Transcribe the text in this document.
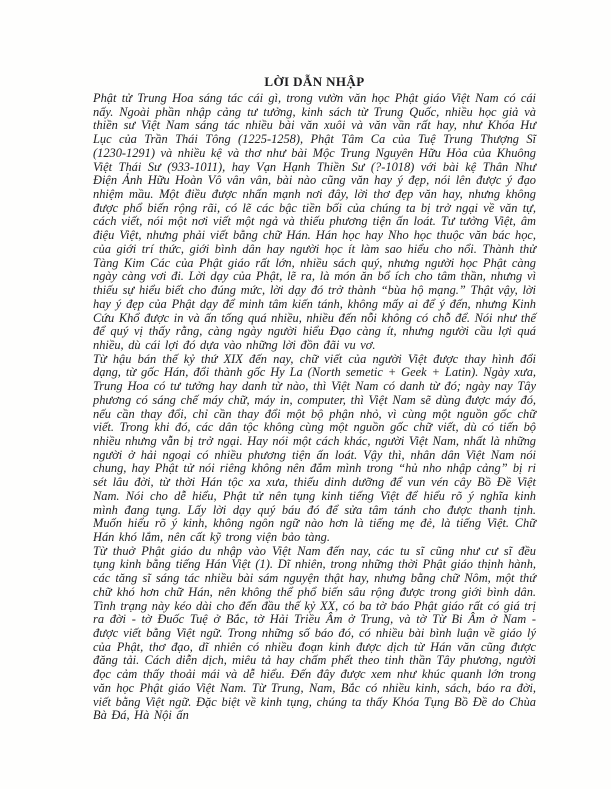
LỜI DẪN NHẬP

Phật tử Trung Hoa sáng tác cái gì, trong vườn văn học Phật giáo Việt Nam có cái nấy. Ngoài phần nhập cảng tư tưởng, kinh sách từ Trung Quốc, nhiều học giả và thiền sư Việt Nam sáng tác nhiều bài văn xuôi và văn vần rất hay, như Khóa Hư Lục của Trần Thái Tông (1225-1258), Phật Tâm Ca của Tuệ Trung Thượng Sĩ (1230-1291) và nhiều kệ và thơ như bài Mộc Trung Nguyên Hữu Hỏa của Khuông Việt Thái Sư (933-1011), hay Vạn Hạnh Thiền Sư (?-1018) với bài kệ Thân Như Điện Ảnh Hữu Hoàn Vô vân vân, bài nào cũng văn hay ý đẹp, nói lên được ý đạo nhiệm mầu. Một điều được nhấn mạnh nơi đây, lời thơ đẹp văn hay, nhưng không được phổ biến rộng rãi, có lẽ các bậc tiền bối của chúng ta bị trở ngại về văn tự, cách viết, nói một nơi viết một ngả và thiếu phương tiện ấn loát. Tư tưởng Việt, âm điệu Việt, nhưng phải viết bằng chữ Hán. Hán học hay Nho học thuộc văn bác học, của giới trí thức, giới bình dân hay người học ít làm sao hiểu cho nổi. Thành thử Tàng Kim Các của Phật giáo rất lớn, nhiều sách quý, nhưng người học Phật càng ngày càng vơi đi. Lời dạy của Phật, lẽ ra, là món ăn bổ ích cho tâm thần, nhưng vì thiếu sự hiểu biết cho đúng mức, lời dạy đó trở thành “bùa hộ mạng.” Thật vậy, lời hay ý đẹp của Phật dạy để minh tâm kiến tánh, không mấy ai để ý đến, nhưng Kinh Cứu Khổ được in và ấn tống quá nhiều, nhiều đến nỗi không có chỗ để. Nói như thế để quý vị thấy rằng, càng ngày người hiểu Đạo càng ít, nhưng người cầu lợi quá nhiều, dù cái lợi đó dựa vào những lời đồn đãi vu vơ.

Từ hậu bán thế kỷ thứ XIX đến nay, chữ viết của người Việt được thay hình đổi dạng, từ gốc Hán, đổi thành gốc Hy La (North semetic + Geek + Latin). Ngày xưa, Trung Hoa có tư tưởng hay danh từ nào, thì Việt Nam có danh từ đó; ngày nay Tây phương có sáng chế máy chữ, máy in, computer, thì Việt Nam sẽ dùng được máy đó, nếu cần thay đổi, chỉ cần thay đổi một bộ phận nhỏ, vì cùng một nguồn gốc chữ viết. Trong khi đó, các dân tộc không cùng một nguồn gốc chữ viết, dù có tiến bộ nhiều nhưng vẫn bị trở ngại. Hay nói một cách khác, người Việt Nam, nhất là những người ở hải ngoại có nhiều phương tiện ấn loát. Vậy thì, nhân dân Việt Nam nói chung, hay Phật tử nói riêng không nên đắm mình trong “hủ nho nhập cảng” bị ri sét lâu đời, từ thời Hán tộc xa xưa, thiếu dinh dưỡng để vun vén cây Bồ Đề Việt Nam. Nói cho dễ hiểu, Phật tử nên tụng kinh tiếng Việt để hiểu rõ ý nghĩa kinh mình đang tụng. Lấy lời dạy quý báu đó để sửa tâm tánh cho được thanh tịnh. Muốn hiểu rõ ý kinh, không ngôn ngữ nào hơn là tiếng mẹ đẻ, là tiếng Việt. Chữ Hán khó lắm, nên cất kỹ trong viện bảo tàng.

Từ thuở Phật giáo du nhập vào Việt Nam đến nay, các tu sĩ cũng như cư sĩ đều tụng kinh bằng tiếng Hán Việt (1). Dĩ nhiên, trong những thời Phật giáo thịnh hành, các tăng sĩ sáng tác nhiều bài sám nguyện thật hay, nhưng bằng chữ Nôm, một thứ chữ khó hơn chữ Hán, nên không thể phổ biến sâu rộng được trong giới bình dân. Tình trạng này kéo dài cho đến đầu thế kỷ XX, có ba tờ báo Phật giáo rất có giá trị ra đời - tờ Đuốc Tuệ ở Bắc, tờ Hải Triều Âm ở Trung, và tờ Từ Bi Âm ở Nam - được viết bằng Việt ngữ. Trong những số báo đó, có nhiều bài bình luận về giáo lý của Phật, thơ đạo, dĩ nhiên có nhiều đoạn kinh được dịch từ Hán văn cũng được đăng tải. Cách diễn dịch, miêu tả hay chấm phết theo tinh thần Tây phương, người đọc cảm thấy thoải mái và dễ hiểu. Đến đây được xem như khúc quanh lớn trong văn học Phật giáo Việt Nam. Từ Trung, Nam, Bắc có nhiều kinh, sách, báo ra đời, viết bằng Việt ngữ. Đặc biệt về kinh tụng, chúng ta thấy Khóa Tụng Bồ Đề do Chùa Bà Đá, Hà Nội ấn
